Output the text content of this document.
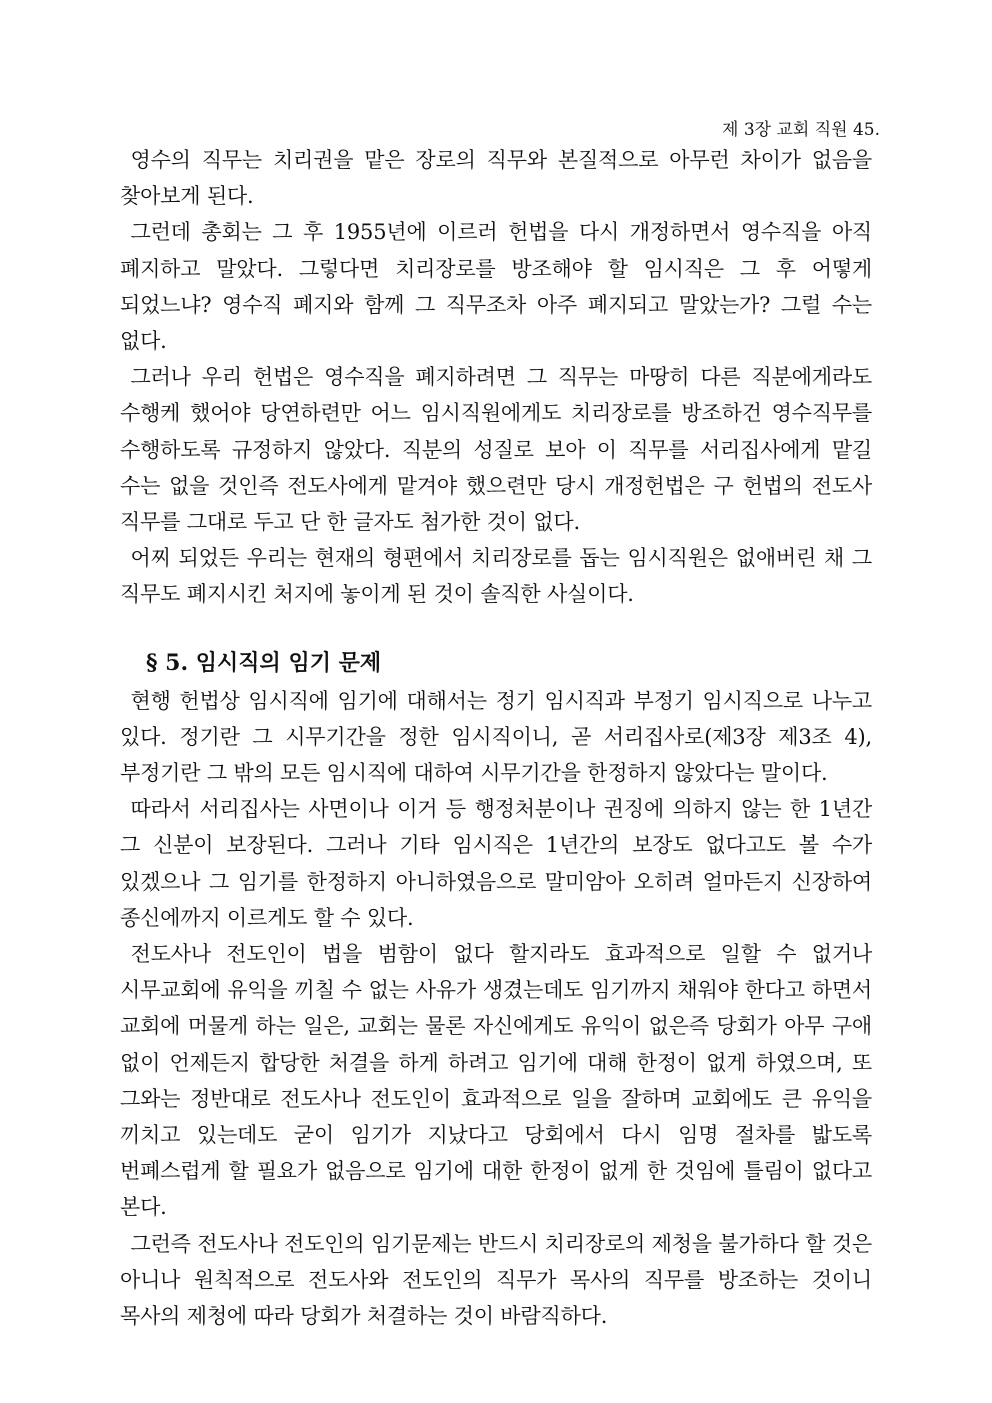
제 3장 교회 직원 45.

영수의 직무는 치리권을 맡은 장로의 직무와 본질적으로 아무런 차이가 없음을 찾아보게 된다.

그런데 총회는 그 후 1955년에 이르러 헌법을 다시 개정하면서 영수직을 아직 폐지하고 말았다. 그렇다면 치리장로를 방조해야 할 임시직은 그 후 어떻게 되었느냐? 영수직 폐지와 함께 그 직무조차 아주 폐지되고 말았는가? 그럴 수는 없다.

그러나 우리 헌법은 영수직을 폐지하려면 그 직무는 마땅히 다른 직분에게라도 수행케 했어야 당연하련만 어느 임시직원에게도 치리장로를 방조하건 영수직무를 수행하도록 규정하지 않았다. 직분의 성질로 보아 이 직무를 서리집사에게 맡길 수는 없을 것인즉 전도사에게 맡겨야 했으련만 당시 개정헌법은 구 헌법의 전도사 직무를 그대로 두고 단 한 글자도 첨가한 것이 없다.

어찌 되었든 우리는 현재의 형편에서 치리장로를 돕는 임시직원은 없애버린 채 그 직무도 폐지시킨 처지에 놓이게 된 것이 솔직한 사실이다.

§ 5. 임시직의 임기 문제

현행 헌법상 임시직에 임기에 대해서는 정기 임시직과 부정기 임시직으로 나누고 있다. 정기란 그 시무기간을 정한 임시직이니, 곧 서리집사로(제3장 제3조 4), 부정기란 그 밖의 모든 임시직에 대하여 시무기간을 한정하지 않았다는 말이다.

따라서 서리집사는 사면이나 이거 등 행정처분이나 권징에 의하지 않는 한 1년간 그 신분이 보장된다. 그러나 기타 임시직은 1년간의 보장도 없다고도 볼 수가 있겠으나 그 임기를 한정하지 아니하였음으로 말미암아 오히려 얼마든지 신장하여 종신에까지 이르게도 할 수 있다.

전도사나 전도인이 법을 범함이 없다 할지라도 효과적으로 일할 수 없거나 시무교회에 유익을 끼칠 수 없는 사유가 생겼는데도 임기까지 채워야 한다고 하면서 교회에 머물게 하는 일은, 교회는 물론 자신에게도 유익이 없은즉 당회가 아무 구애 없이 언제든지 합당한 처결을 하게 하려고 임기에 대해 한정이 없게 하였으며, 또 그와는 정반대로 전도사나 전도인이 효과적으로 일을 잘하며 교회에도 큰 유익을 끼치고 있는데도 굳이 임기가 지났다고 당회에서 다시 임명 절차를 밟도록 번폐스럽게 할 필요가 없음으로 임기에 대한 한정이 없게 한 것임에 틀림이 없다고 본다.

그런즉 전도사나 전도인의 임기문제는 반드시 치리장로의 제청을 불가하다 할 것은 아니나 원칙적으로 전도사와 전도인의 직무가 목사의 직무를 방조하는 것이니 목사의 제청에 따라 당회가 처결하는 것이 바람직하다.
